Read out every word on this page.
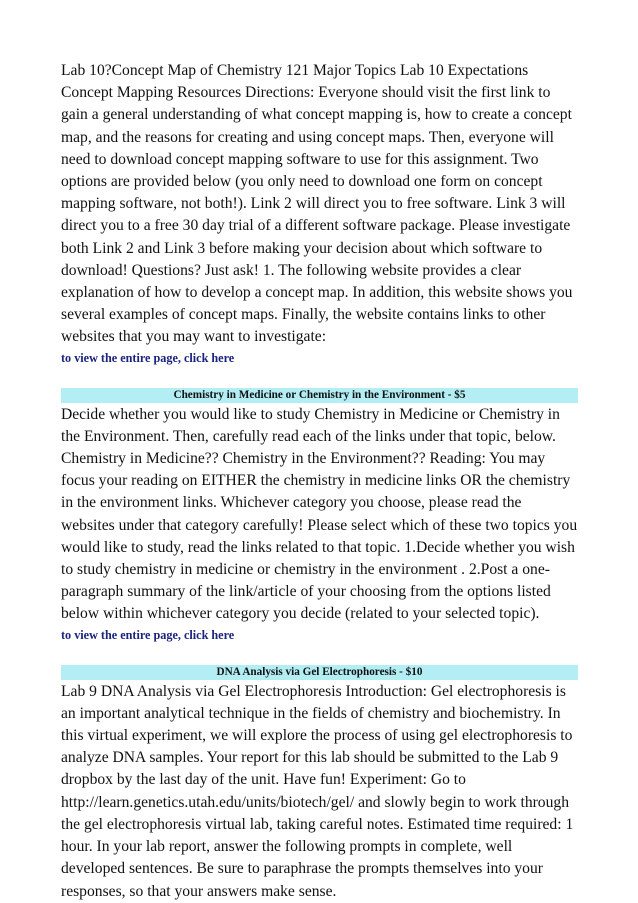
Lab 10?Concept Map of Chemistry 121 Major Topics Lab 10 Expectations Concept Mapping Resources Directions: Everyone should visit the first link to gain a general understanding of what concept mapping is, how to create a concept map, and the reasons for creating and using concept maps. Then, everyone will need to download concept mapping software to use for this assignment. Two options are provided below (you only need to download one form on concept mapping software, not both!). Link 2 will direct you to free software. Link 3 will direct you to a free 30 day trial of a different software package. Please investigate both Link 2 and Link 3 before making your decision about which software to download! Questions? Just ask! 1. The following website provides a clear explanation of how to develop a concept map. In addition, this website shows you several examples of concept maps. Finally, the website contains links to other websites that you may want to investigate:

to view the entire page, click here
Chemistry in Medicine or Chemistry in the Environment - $5

Decide whether you would like to study Chemistry in Medicine or Chemistry in the Environment. Then, carefully read each of the links under that topic, below. Chemistry in Medicine?? Chemistry in the Environment?? Reading: You may focus your reading on EITHER the chemistry in medicine links OR the chemistry in the environment links. Whichever category you choose, please read the websites under that category carefully! Please select which of these two topics you would like to study, read the links related to that topic. 1.Decide whether you wish to study chemistry in medicine or chemistry in the environment . 2.Post a one-paragraph summary of the link/article of your choosing from the options listed below within whichever category you decide (related to your selected topic).

to view the entire page, click here
DNA Analysis via Gel Electrophoresis - $10

Lab 9 DNA Analysis via Gel Electrophoresis Introduction: Gel electrophoresis is an important analytical technique in the fields of chemistry and biochemistry. In this virtual experiment, we will explore the process of using gel electrophoresis to analyze DNA samples. Your report for this lab should be submitted to the Lab 9 dropbox by the last day of the unit. Have fun! Experiment: Go to http://learn.genetics.utah.edu/units/biotech/gel/ and slowly begin to work through the gel electrophoresis virtual lab, taking careful notes. Estimated time required: 1 hour. In your lab report, answer the following prompts in complete, well developed sentences. Be sure to paraphrase the prompts themselves into your responses, so that your answers make sense.
